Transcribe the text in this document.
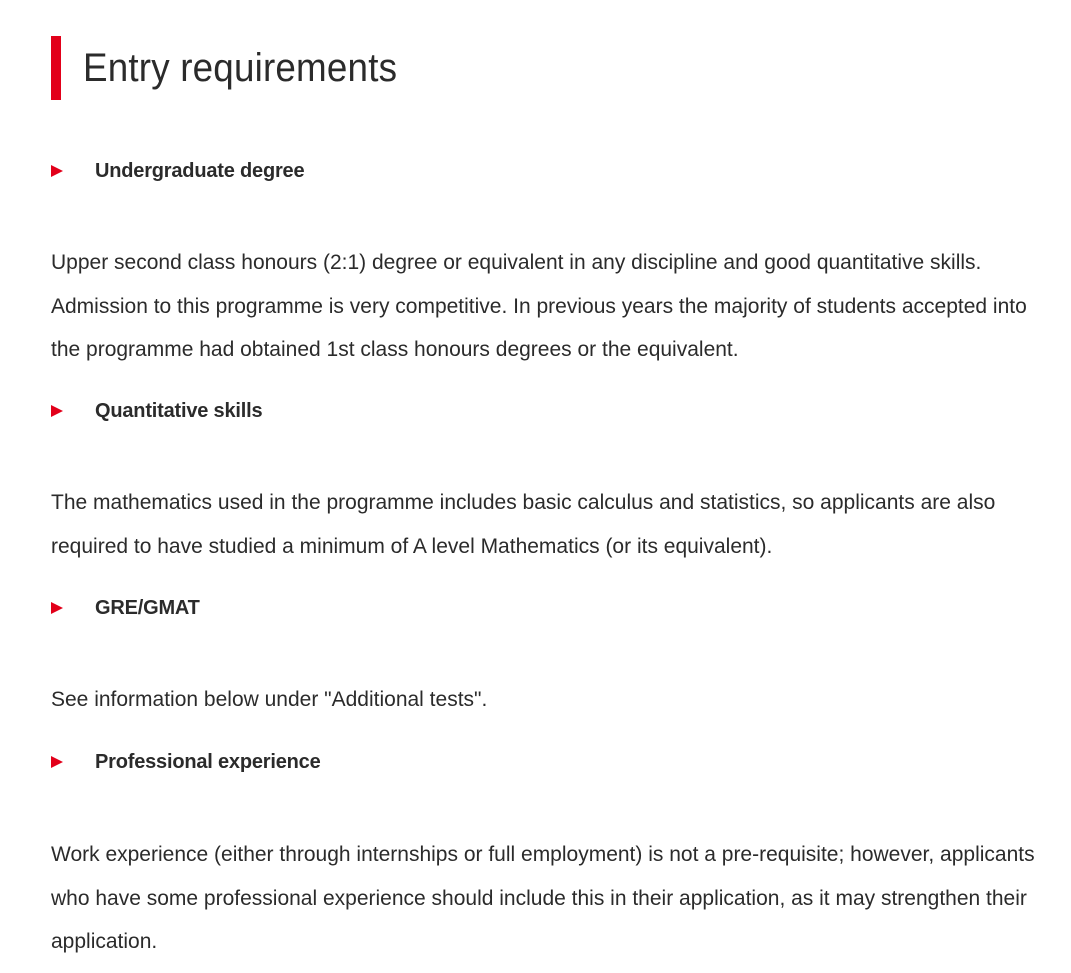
Entry requirements
Undergraduate degree

Upper second class honours (2:1) degree or equivalent in any discipline and good quantitative skills. Admission to this programme is very competitive. In previous years the majority of students accepted into the programme had obtained 1st class honours degrees or the equivalent.

Quantitative skills

The mathematics used in the programme includes basic calculus and statistics, so applicants are also required to have studied a minimum of A level Mathematics (or its equivalent).

GRE/GMAT

See information below under "Additional tests".

Professional experience

Work experience (either through internships or full employment) is not a pre-requisite; however, applicants who have some professional experience should include this in their application, as it may strengthen their application.
